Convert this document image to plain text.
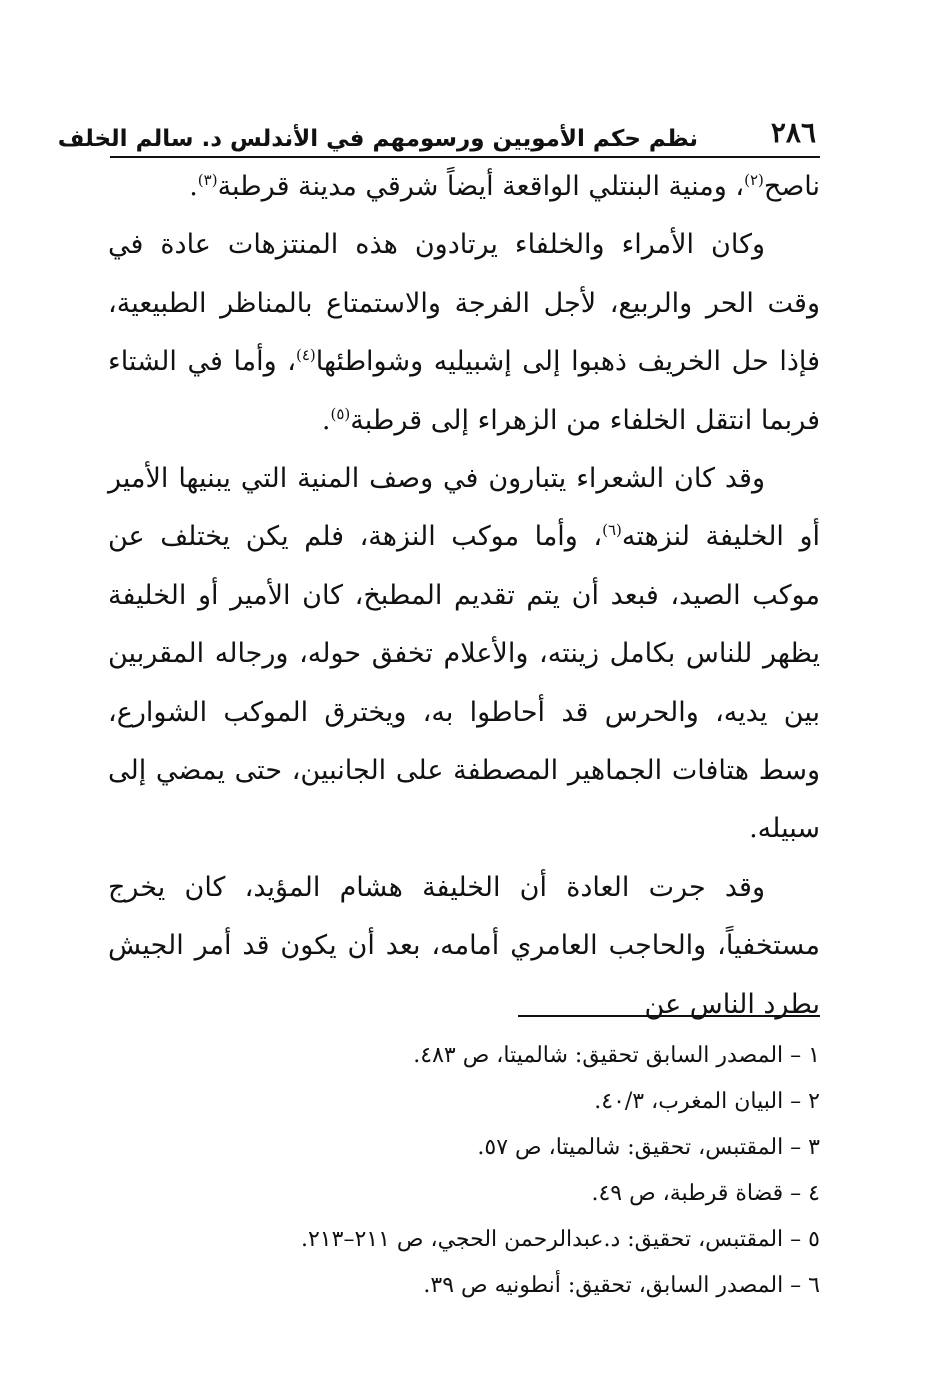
٢٨٦
نظم حكم الأمويين ورسومهم في الأندلس د. سالم الخلف

ناصح$^{(٢)}$، ومنية البنتلي الواقعة أيضاً شرقي مدينة قرطبة$^{(٣)}$.

وكان الأمراء والخلفاء يرتادون هذه المنتزهات عادة في وقت الحر والربيع، لأجل الفرجة والاستمتاع بالمناظر الطبيعية، فإذا حل الخريف ذهبوا إلى إشبيليه وشواطئها$^{(٤)}$، وأما في الشتاء فربما انتقل الخلفاء من الزهراء إلى قرطبة$^{(٥)}$.

وقد كان الشعراء يتبارون في وصف المنية التي يبنيها الأمير أو الخليفة لنزهته$^{(٦)}$، وأما موكب النزهة، فلم يكن يختلف عن موكب الصيد، فبعد أن يتم تقديم المطبخ، كان الأمير أو الخليفة يظهر للناس بكامل زينته، والأعلام تخفق حوله، ورجاله المقربين بين يديه، والحرس قد أحاطوا به، ويخترق الموكب الشوارع، وسط هتافات الجماهير المصطفة على الجانبين، حتى يمضي إلى سبيله.

وقد جرت العادة أن الخليفة هشام المؤيد، كان يخرج مستخفياً، والحاجب العامري أمامه، بعد أن يكون قد أمر الجيش بطرد الناس عن

١ – المصدر السابق تحقيق: شالميتا، ص ٤٨٣.
٢ – البيان المغرب، ٤٠/٣.
٣ – المقتبس، تحقيق: شالميتا، ص ٥٧.
٤ – قضاة قرطبة، ص ٤٩.
٥ – المقتبس، تحقيق: د.عبدالرحمن الحجي، ص ٢١١–٢١٣.
٦ – المصدر السابق، تحقيق: أنطونيه ص ٣٩.
